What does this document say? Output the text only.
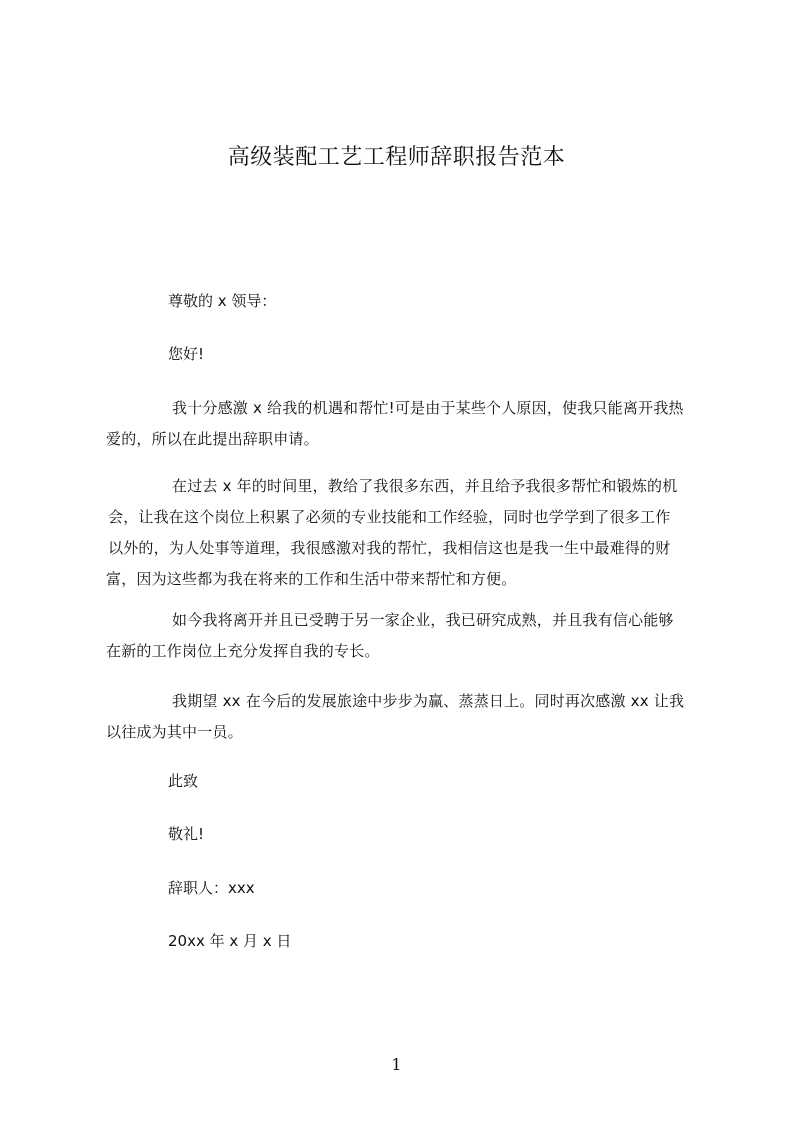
高级装配工艺工程师辞职报告范本
尊敬的 x 领导：
您好!
我十分感激 x 给我的机遇和帮忙!可是由于某些个人原因，使我只能离开我热
爱的，所以在此提出辞职申请。
在过去 x 年的时间里，教给了我很多东西，并且给予我很多帮忙和锻炼的机
会，让我在这个岗位上积累了必须的专业技能和工作经验，同时也学学到了很多工作
以外的，为人处事等道理，我很感激对我的帮忙，我相信这也是我一生中最难得的财
富，因为这些都为我在将来的工作和生活中带来帮忙和方便。
如今我将离开并且已受聘于另一家企业，我已研究成熟，并且我有信心能够
在新的工作岗位上充分发挥自我的专长。
我期望 xx 在今后的发展旅途中步步为赢、蒸蒸日上。同时再次感激 xx 让我
以往成为其中一员。
此致
敬礼!
辞职人：xxx
20xx 年 x 月 x 日
1
